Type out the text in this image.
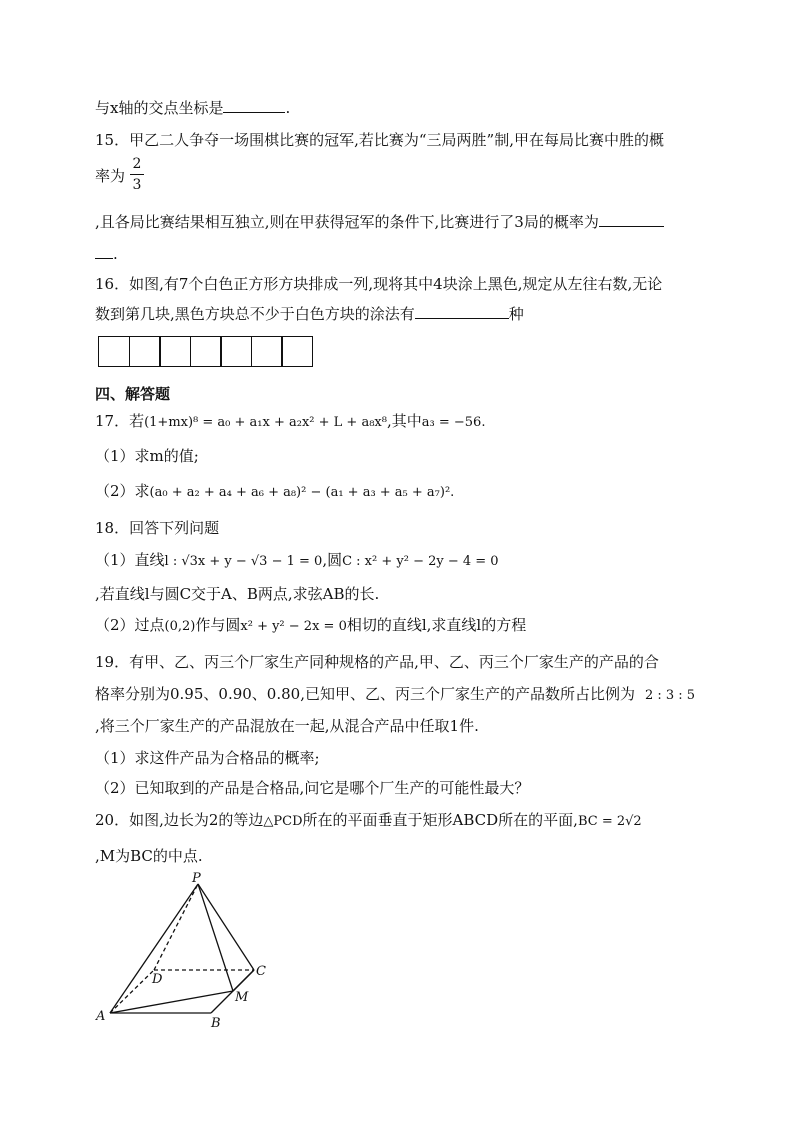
与x轴的交点坐标是	.
15．甲乙二人争夺一场围棋比赛的冠军,若比赛为“三局两胜”制,甲在每局比赛中胜的概
率为
2
3
,且各局比赛结果相互独立,则在甲获得冠军的条件下,比赛进行了3局的概率为
.
16．如图,有7个白色正方形方块排成一列,现将其中4块涂上黑色,规定从左往右数,无论
数到第几块,黑色方块总不少于白色方块的涂法有	种
四、解答题
17．若(1+mx)⁸ = a₀ + a₁x + a₂x² + L + a₈x⁸,其中a₃ = −56.
（1）求m的值;
（2）求(a₀ + a₂ + a₄ + a₆ + a₈)² − (a₁ + a₃ + a₅ + a₇)².
18．回答下列问题
（1）直线l : √3x + y − √3 − 1 = 0,圆C : x² + y² − 2y − 4 = 0
,若直线l与圆C交于A、B两点,求弦AB的长.
（2）过点(0,2)作与圆x² + y² − 2x = 0相切的直线l,求直线l的方程
19．有甲、乙、丙三个厂家生产同种规格的产品,甲、乙、丙三个厂家生产的产品的合
格率分别为0.95、0.90、0.80,已知甲、乙、丙三个厂家生产的产品数所占比例为 2 : 3 : 5
,将三个厂家生产的产品混放在一起,从混合产品中任取1件.
（1）求这件产品为合格品的概率;
（2）已知取到的产品是合格品,问它是哪个厂生产的可能性最大？
20．如图,边长为2的等边△PCD所在的平面垂直于矩形ABCD所在的平面,BC = 2√2
,M为BC的中点.
P
C
D
M
A	B
